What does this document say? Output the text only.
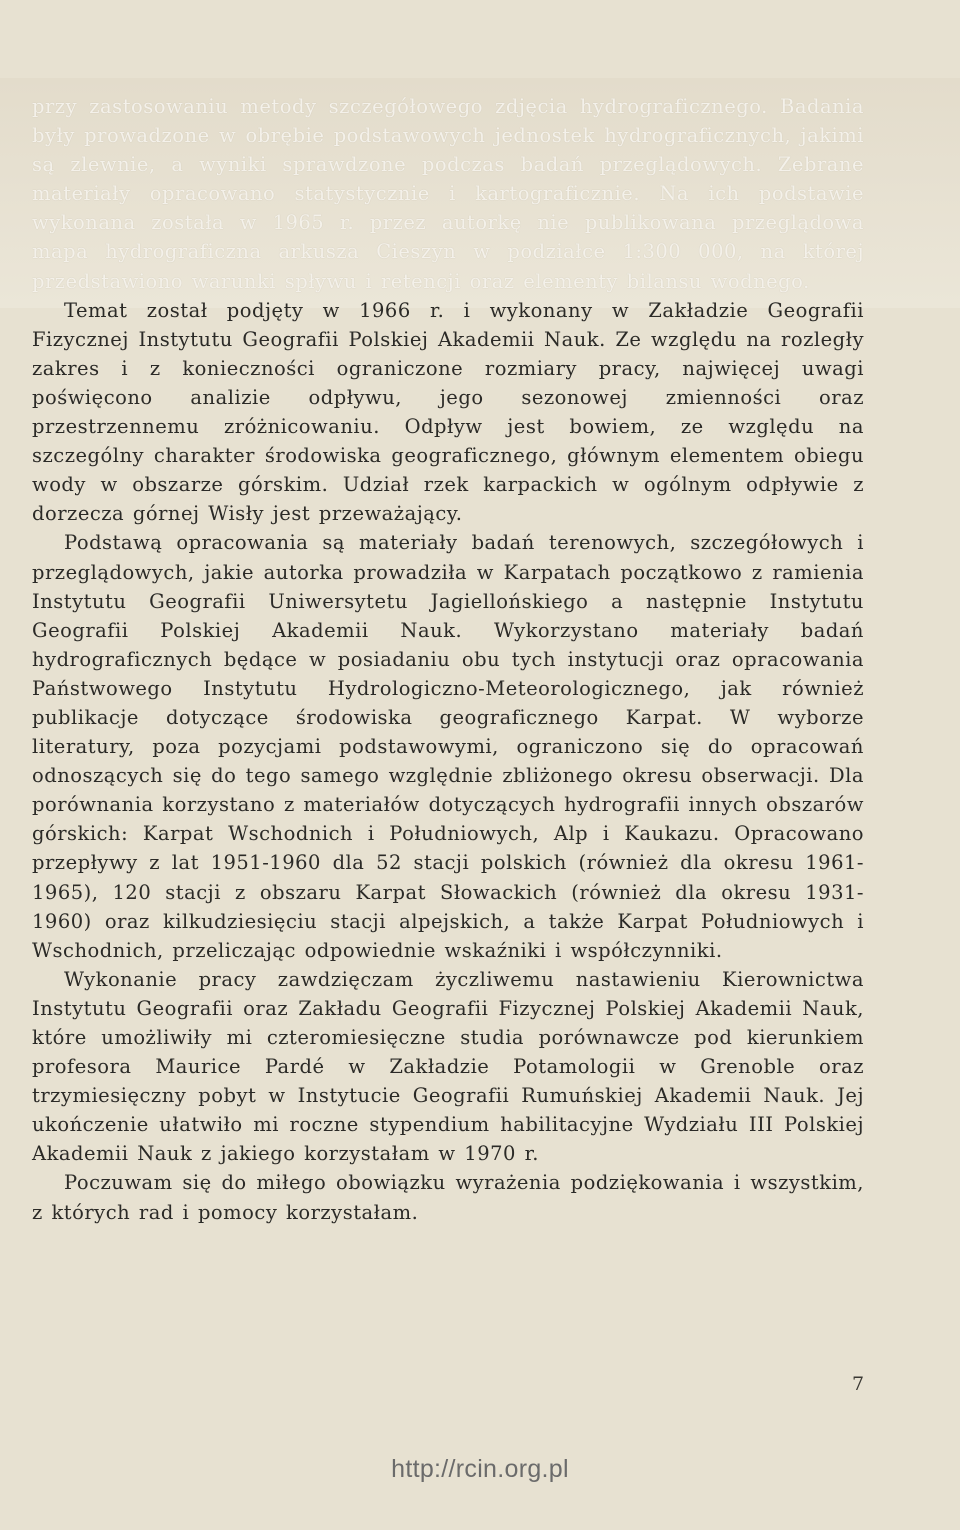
przy zastosowaniu metody szczegółowego zdjęcia hydrograficznego. Badania były prowadzone w obrębie podstawowych jednostek hydrograficznych, jakimi są zlewnie, a wyniki sprawdzone podczas badań przeglądowych. Zebrane materiały opracowano statystycznie i kartograficznie. Na ich podstawie wykonana została w 1965 r. przez autorkę nie publikowana przeglądowa mapa hydrograficzna arkusza Cieszyn w podziałce 1:300 000, na której przedstawiono warunki spływu i retencji oraz elementy bilansu wodnego.

Temat został podjęty w 1966 r. i wykonany w Zakładzie Geografii Fizycznej Instytutu Geografii Polskiej Akademii Nauk. Ze względu na rozległy zakres i z konieczności ograniczone rozmiary pracy, najwięcej uwagi poświęcono analizie odpływu, jego sezonowej zmienności oraz przestrzennemu zróżnicowaniu. Odpływ jest bowiem, ze względu na szczególny charakter środowiska geograficznego, głównym elementem obiegu wody w obszarze górskim. Udział rzek karpackich w ogólnym odpływie z dorzecza górnej Wisły jest przeważający.

Podstawą opracowania są materiały badań terenowych, szczegółowych i przeglądowych, jakie autorka prowadziła w Karpatach początkowo z ramienia Instytutu Geografii Uniwersytetu Jagiellońskiego a następnie Instytutu Geografii Polskiej Akademii Nauk. Wykorzystano materiały badań hydrograficznych będące w posiadaniu obu tych instytucji oraz opracowania Państwowego Instytutu Hydrologiczno-Meteorologicznego, jak również publikacje dotyczące środowiska geograficznego Karpat. W wyborze literatury, poza pozycjami podstawowymi, ograniczono się do opracowań odnoszących się do tego samego względnie zbliżonego okresu obserwacji. Dla porównania korzystano z materiałów dotyczących hydrografii innych obszarów górskich: Karpat Wschodnich i Południowych, Alp i Kaukazu. Opracowano przepływy z lat 1951-1960 dla 52 stacji polskich (również dla okresu 1961-1965), 120 stacji z obszaru Karpat Słowackich (również dla okresu 1931-1960) oraz kilkudziesięciu stacji alpejskich, a także Karpat Południowych i Wschodnich, przeliczając odpowiednie wskaźniki i współczynniki.

Wykonanie pracy zawdzięczam życzliwemu nastawieniu Kierownictwa Instytutu Geografii oraz Zakładu Geografii Fizycznej Polskiej Akademii Nauk, które umożliwiły mi czteromiesięczne studia porównawcze pod kierunkiem profesora Maurice Pardé w Zakładzie Potamologii w Grenoble oraz trzymiesięczny pobyt w Instytucie Geografii Rumuńskiej Akademii Nauk. Jej ukończenie ułatwiło mi roczne stypendium habilitacyjne Wydziału III Polskiej Akademii Nauk z jakiego korzystałam w 1970 r.

Poczuwam się do miłego obowiązku wyrażenia podziękowania i wszystkim, z których rad i pomocy korzystałam.

7
http://rcin.org.pl
